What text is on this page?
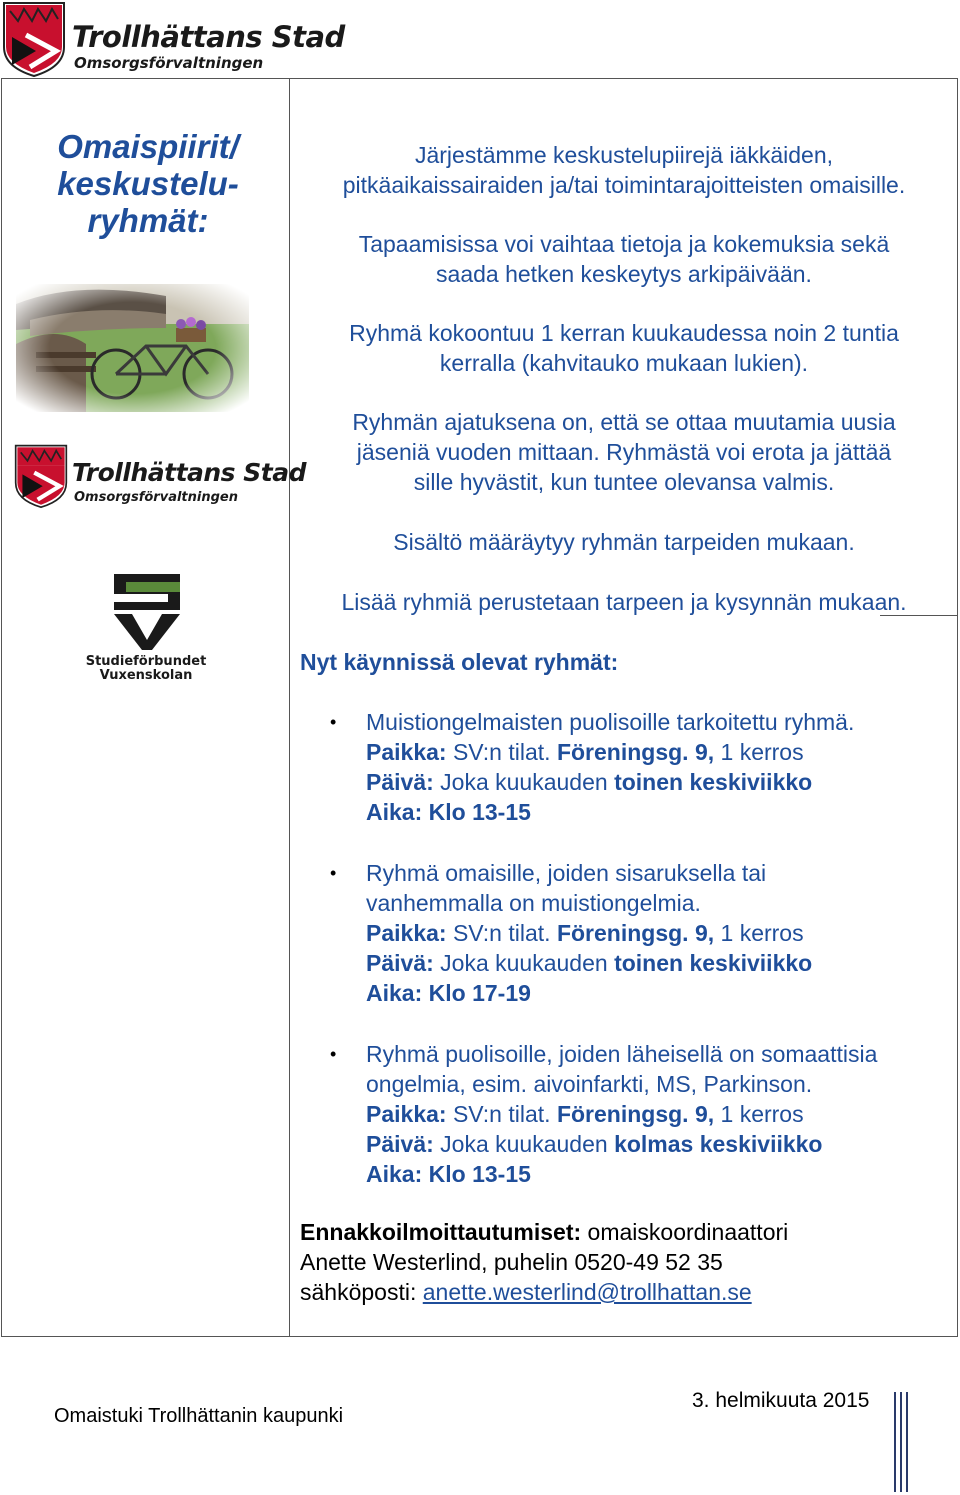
Trollhättans Stad
Omsorgsförvaltningen
Omaispiirit/
keskustelu-
ryhmät:
Trollhättans Stad
Omsorgsförvaltningen
Studieförbundet
Vuxenskolan
Järjestämme keskustelupiirejä iäkkäiden,
pitkäaikaissairaiden ja/tai toimintarajoitteisten omaisille.
Tapaamisissa voi vaihtaa tietoja ja kokemuksia sekä
saada hetken keskeytys arkipäivään.
Ryhmä kokoontuu 1 kerran kuukaudessa noin 2 tuntia
kerralla (kahvitauko mukaan lukien).
Ryhmän ajatuksena on, että se ottaa muutamia uusia
jäseniä vuoden mittaan. Ryhmästä voi erota ja jättää
sille hyvästit, kun tuntee olevansa valmis.
Sisältö määräytyy ryhmän tarpeiden mukaan.
Lisää ryhmiä perustetaan tarpeen ja kysynnän mukaan.
Nyt käynnissä olevat ryhmät:
• Muistiongelmaisten puolisoille tarkoitettu ryhmä.
Paikka: SV:n tilat. Föreningsg. 9, 1 kerros
Päivä: Joka kuukauden toinen keskiviikko
Aika: Klo 13-15
• Ryhmä omaisille, joiden sisaruksella tai
vanhemmalla on muistiongelmia.
Paikka: SV:n tilat. Föreningsg. 9, 1 kerros
Päivä: Joka kuukauden toinen keskiviikko
Aika: Klo 17-19
• Ryhmä puolisoille, joiden läheisellä on somaattisia
ongelmia, esim. aivoinfarkti, MS, Parkinson.
Paikka: SV:n tilat. Föreningsg. 9, 1 kerros
Päivä: Joka kuukauden kolmas keskiviikko
Aika: Klo 13-15
Ennakkoilmoittautumiset: omaiskoordinaattori
Anette Westerlind, puhelin 0520-49 52 35
sähköposti: anette.westerlind@trollhattan.se
Omaistuki Trollhättanin kaupunki
3. helmikuuta 2015
